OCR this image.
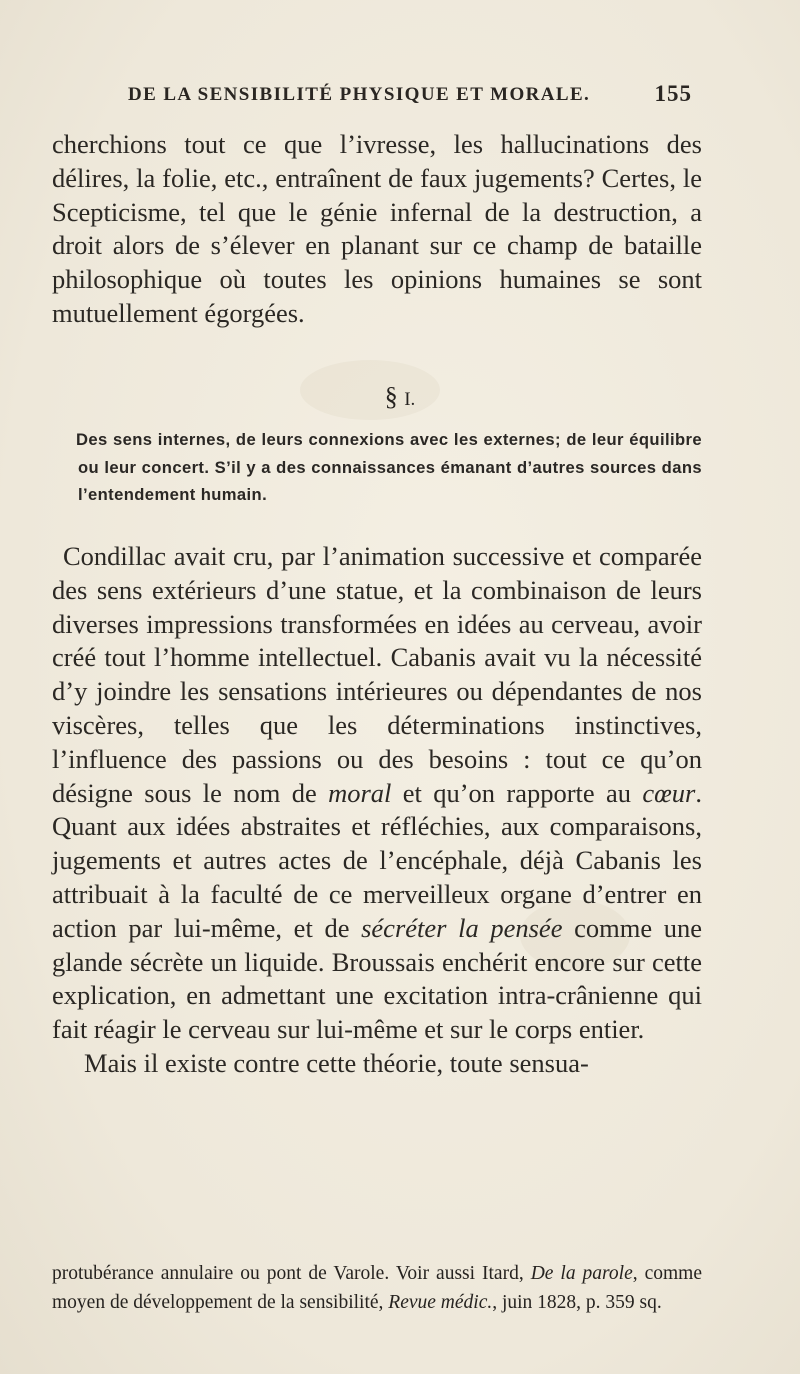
DE LA SENSIBILITÉ PHYSIQUE ET MORALE.	155

cherchions tout ce que l’ivresse, les hallucinations des délires, la folie, etc., entraînent de faux jugements? Certes, le Scepticisme, tel que le génie infernal de la destruction, a droit alors de s’élever en planant sur ce champ de bataille philosophique où toutes les opinions humaines se sont mutuellement égorgées.

§ I.

Des sens internes, de leurs connexions avec les externes; de leur équilibre ou leur concert. S’il y a des connaissances émanant d’autres sources dans l’entendement humain.

Condillac avait cru, par l’animation successive et comparée des sens extérieurs d’une statue, et la combinaison de leurs diverses impressions transformées en idées au cerveau, avoir créé tout l’homme intellectuel. Cabanis avait vu la nécessité d’y joindre les sensations intérieures ou dépendantes de nos viscères, telles que les déterminations instinctives, l’influence des passions ou des besoins : tout ce qu’on désigne sous le nom de moral et qu’on rapporte au cœur. Quant aux idées abstraites et réfléchies, aux comparaisons, jugements et autres actes de l’encéphale, déjà Cabanis les attribuait à la faculté de ce merveilleux organe d’entrer en action par lui-même, et de sécréter la pensée comme une glande sécrète un liquide. Broussais enchérit encore sur cette explication, en admettant une excitation intra-crânienne qui fait réagir le cerveau sur lui-même et sur le corps entier.

Mais il existe contre cette théorie, toute sensua-

protubérance annulaire ou pont de Varole. Voir aussi Itard, De la parole, comme moyen de développement de la sensibilité, Revue médic., juin 1828, p. 359 sq.
